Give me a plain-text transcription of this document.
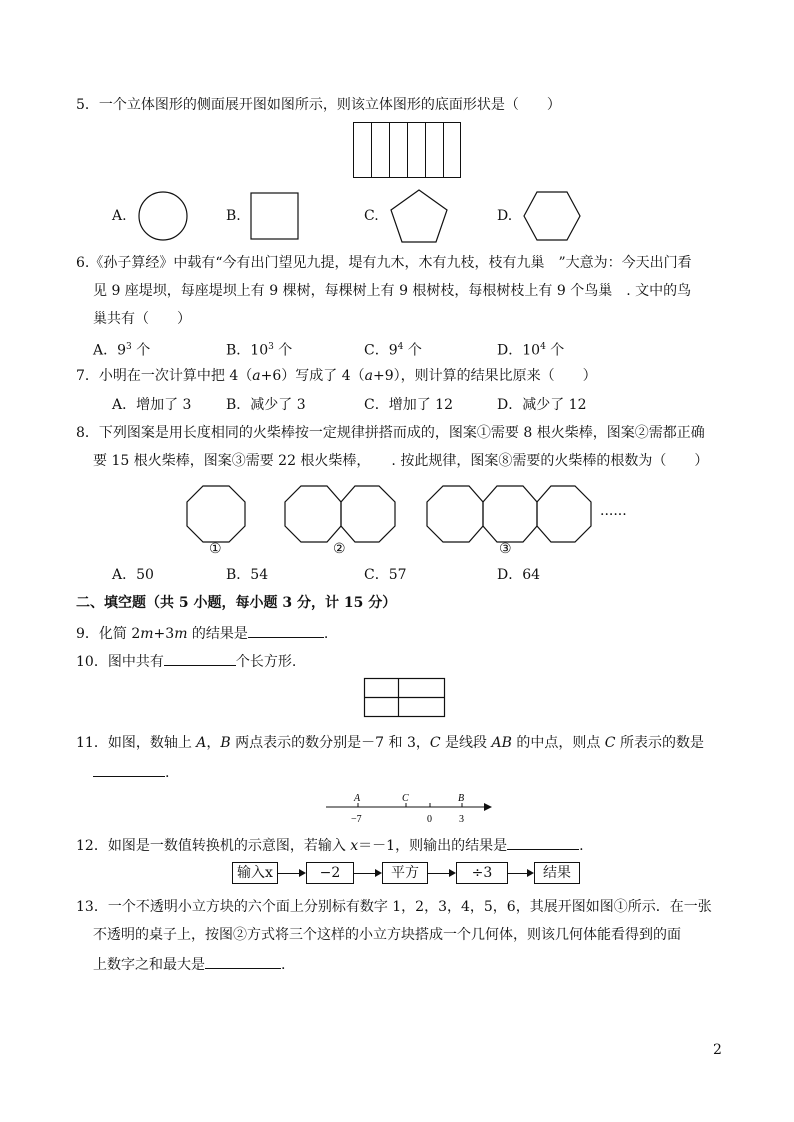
5．一个立体图形的侧面展开图如图所示，则该立体图形的底面形状是（　　）
A.	B.	C.	D.
6.《孙子算经》中载有“今有出门望见九提，堤有九木，木有九枝，枝有九巢　”大意为：今天出门看
见 9 座堤坝，每座堤坝上有 9 棵树，每棵树上有 9 根树枝，每根树枝上有 9 个鸟巢　. 文中的鸟
巢共有（　　）
A．$9^3$ 个	B．$10^3$ 个	C．$9^4$ 个	D．$10^4$ 个
7．小明在一次计算中把 4（a+6）写成了 4（a+9），则计算的结果比原来（　　）
A．增加了 3 B．减少了 3	C．增加了 12	D．减少了 12
8．下列图案是用长度相同的火柴棒按一定规律拼搭而成的，图案①需要 8 根火柴棒，图案②需都正确
要 15 根火柴棒，图案③需要 22 根火柴棒，　　. 按此规律，图案⑧需要的火柴棒的根数为（　　）
......
①	②	③
A．50	B．54	C．57	D．64
二、填空题（共 5 小题，每小题 3 分，计 15 分）
9．化简 2m+3m 的结果是	.
10．图中共有	个长方形.
11．如图，数轴上 A，B 两点表示的数分别是－7 和 3，C 是线段 AB 的中点，则点 C 所表示的数是
.
A	C	B
−7	0	3
12．如图是一数值转换机的示意图，若输入 x＝－1，则输出的结果是	.
输入x	−2	平方	÷3	结果
13．一个不透明小立方块的六个面上分别标有数字 1，2，3，4，5，6，其展开图如图①所示．在一张
不透明的桌子上，按图②方式将三个这样的小立方块搭成一个几何体，则该几何体能看得到的面
上数字之和最大是	.
2
